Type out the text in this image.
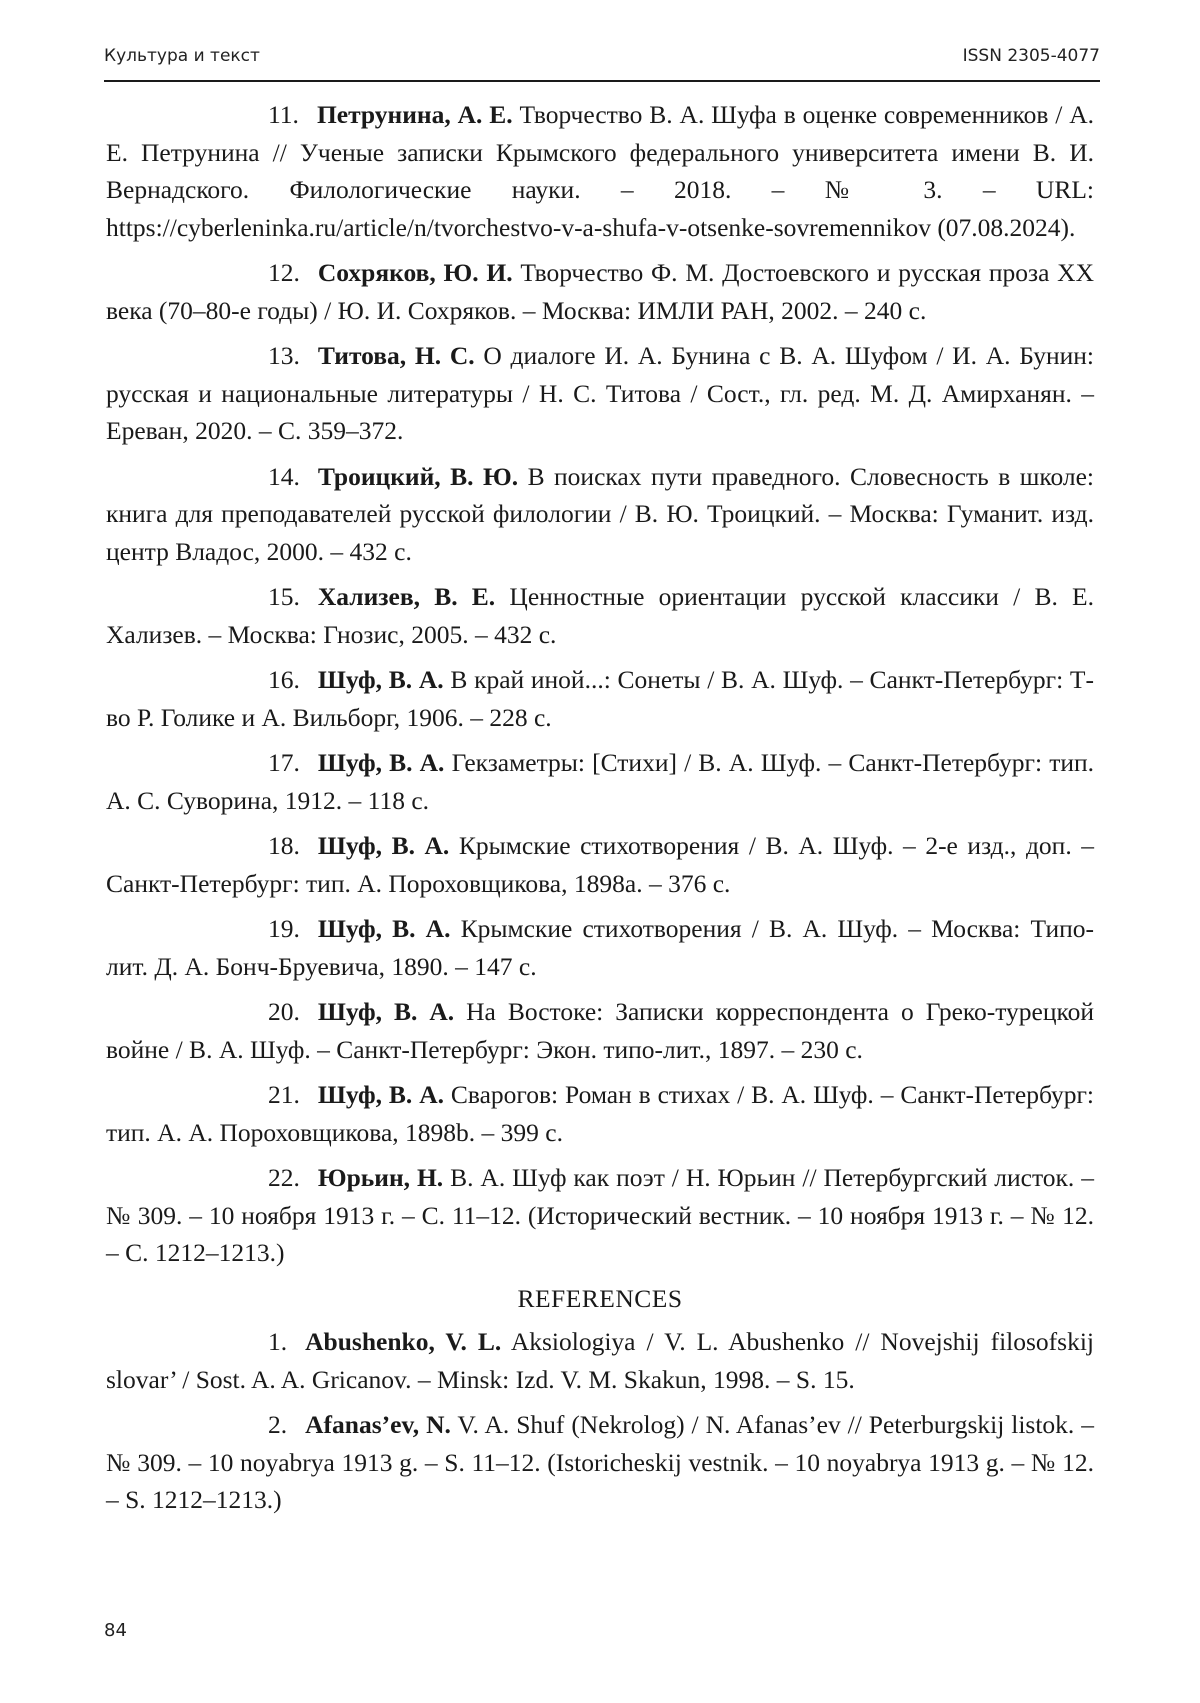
Культура и текст	ISSN 2305-4077

11. Петрунина, А. Е. Творчество В. А. Шуфа в оценке современников / А. Е. Петрунина // Ученые записки Крымского федерального университета имени В. И. Вернадского. Филологические науки. – 2018. – № 3. – URL: https://cyberleninka.ru/article/n/tvorchestvo-v-a-shufa-v-otsenke-sovremennikov (07.08.2024).

12. Сохряков, Ю. И. Творчество Ф. М. Достоевского и русская проза XX века (70–80-е годы) / Ю. И. Сохряков. – Москва: ИМЛИ РАН, 2002. – 240 с.

13. Титова, Н. С. О диалоге И. А. Бунина с В. А. Шуфом / И. А. Бунин: русская и национальные литературы / Н. С. Титова / Сост., гл. ред. М. Д. Амирханян. – Ереван, 2020. – С. 359–372.

14. Троицкий, В. Ю. В поисках пути праведного. Словесность в школе: книга для преподавателей русской филологии / В. Ю. Троицкий. – Москва: Гуманит. изд. центр Владос, 2000. – 432 с.

15. Хализев, В. Е. Ценностные ориентации русской классики / В. Е. Хализев. – Москва: Гнозис, 2005. – 432 с.

16. Шуф, В. А. В край иной...: Сонеты / В. А. Шуф. – Санкт-Петербург: Т-во Р. Голике и А. Вильборг, 1906. – 228 с.

17. Шуф, В. А. Гекзаметры: [Стихи] / В. А. Шуф. – Санкт-Петербург: тип. А. С. Суворина, 1912. – 118 с.

18. Шуф, В. А. Крымские стихотворения / В. А. Шуф. – 2-е изд., доп. – Санкт-Петербург: тип. А. Пороховщикова, 1898a. – 376 с.

19. Шуф, В. А. Крымские стихотворения / В. А. Шуф. – Москва: Типо-лит. Д. А. Бонч-Бруевича, 1890. – 147 с.

20. Шуф, В. А. На Востоке: Записки корреспондента о Греко-турецкой войне / В. А. Шуф. – Санкт-Петербург: Экон. типо-лит., 1897. – 230 с.

21. Шуф, В. А. Сварогов: Роман в стихах / В. А. Шуф. – Санкт-Петербург: тип. А. А. Пороховщикова, 1898b. – 399 с.

22. Юрьин, Н. В. А. Шуф как поэт / Н. Юрьин // Петербургский листок. – № 309. – 10 ноября 1913 г. – С. 11–12. (Исторический вестник. – 10 ноября 1913 г. – № 12. – С. 1212–1213.)

REFERENCES

1. Abushenko, V. L. Aksiologiya / V. L. Abushenko // Novejshij filosofskij slovar’ / Sost. A. A. Gricanov. – Minsk: Izd. V. M. Skakun, 1998. – S. 15.

2. Afanas’ev, N. V. A. Shuf (Nekrolog) / N. Afanas’ev // Peterburgskij listok. – № 309. – 10 noyabrya 1913 g. – S. 11–12. (Istoricheskij vestnik. – 10 noyabrya 1913 g. – № 12. – S. 1212–1213.)

84
